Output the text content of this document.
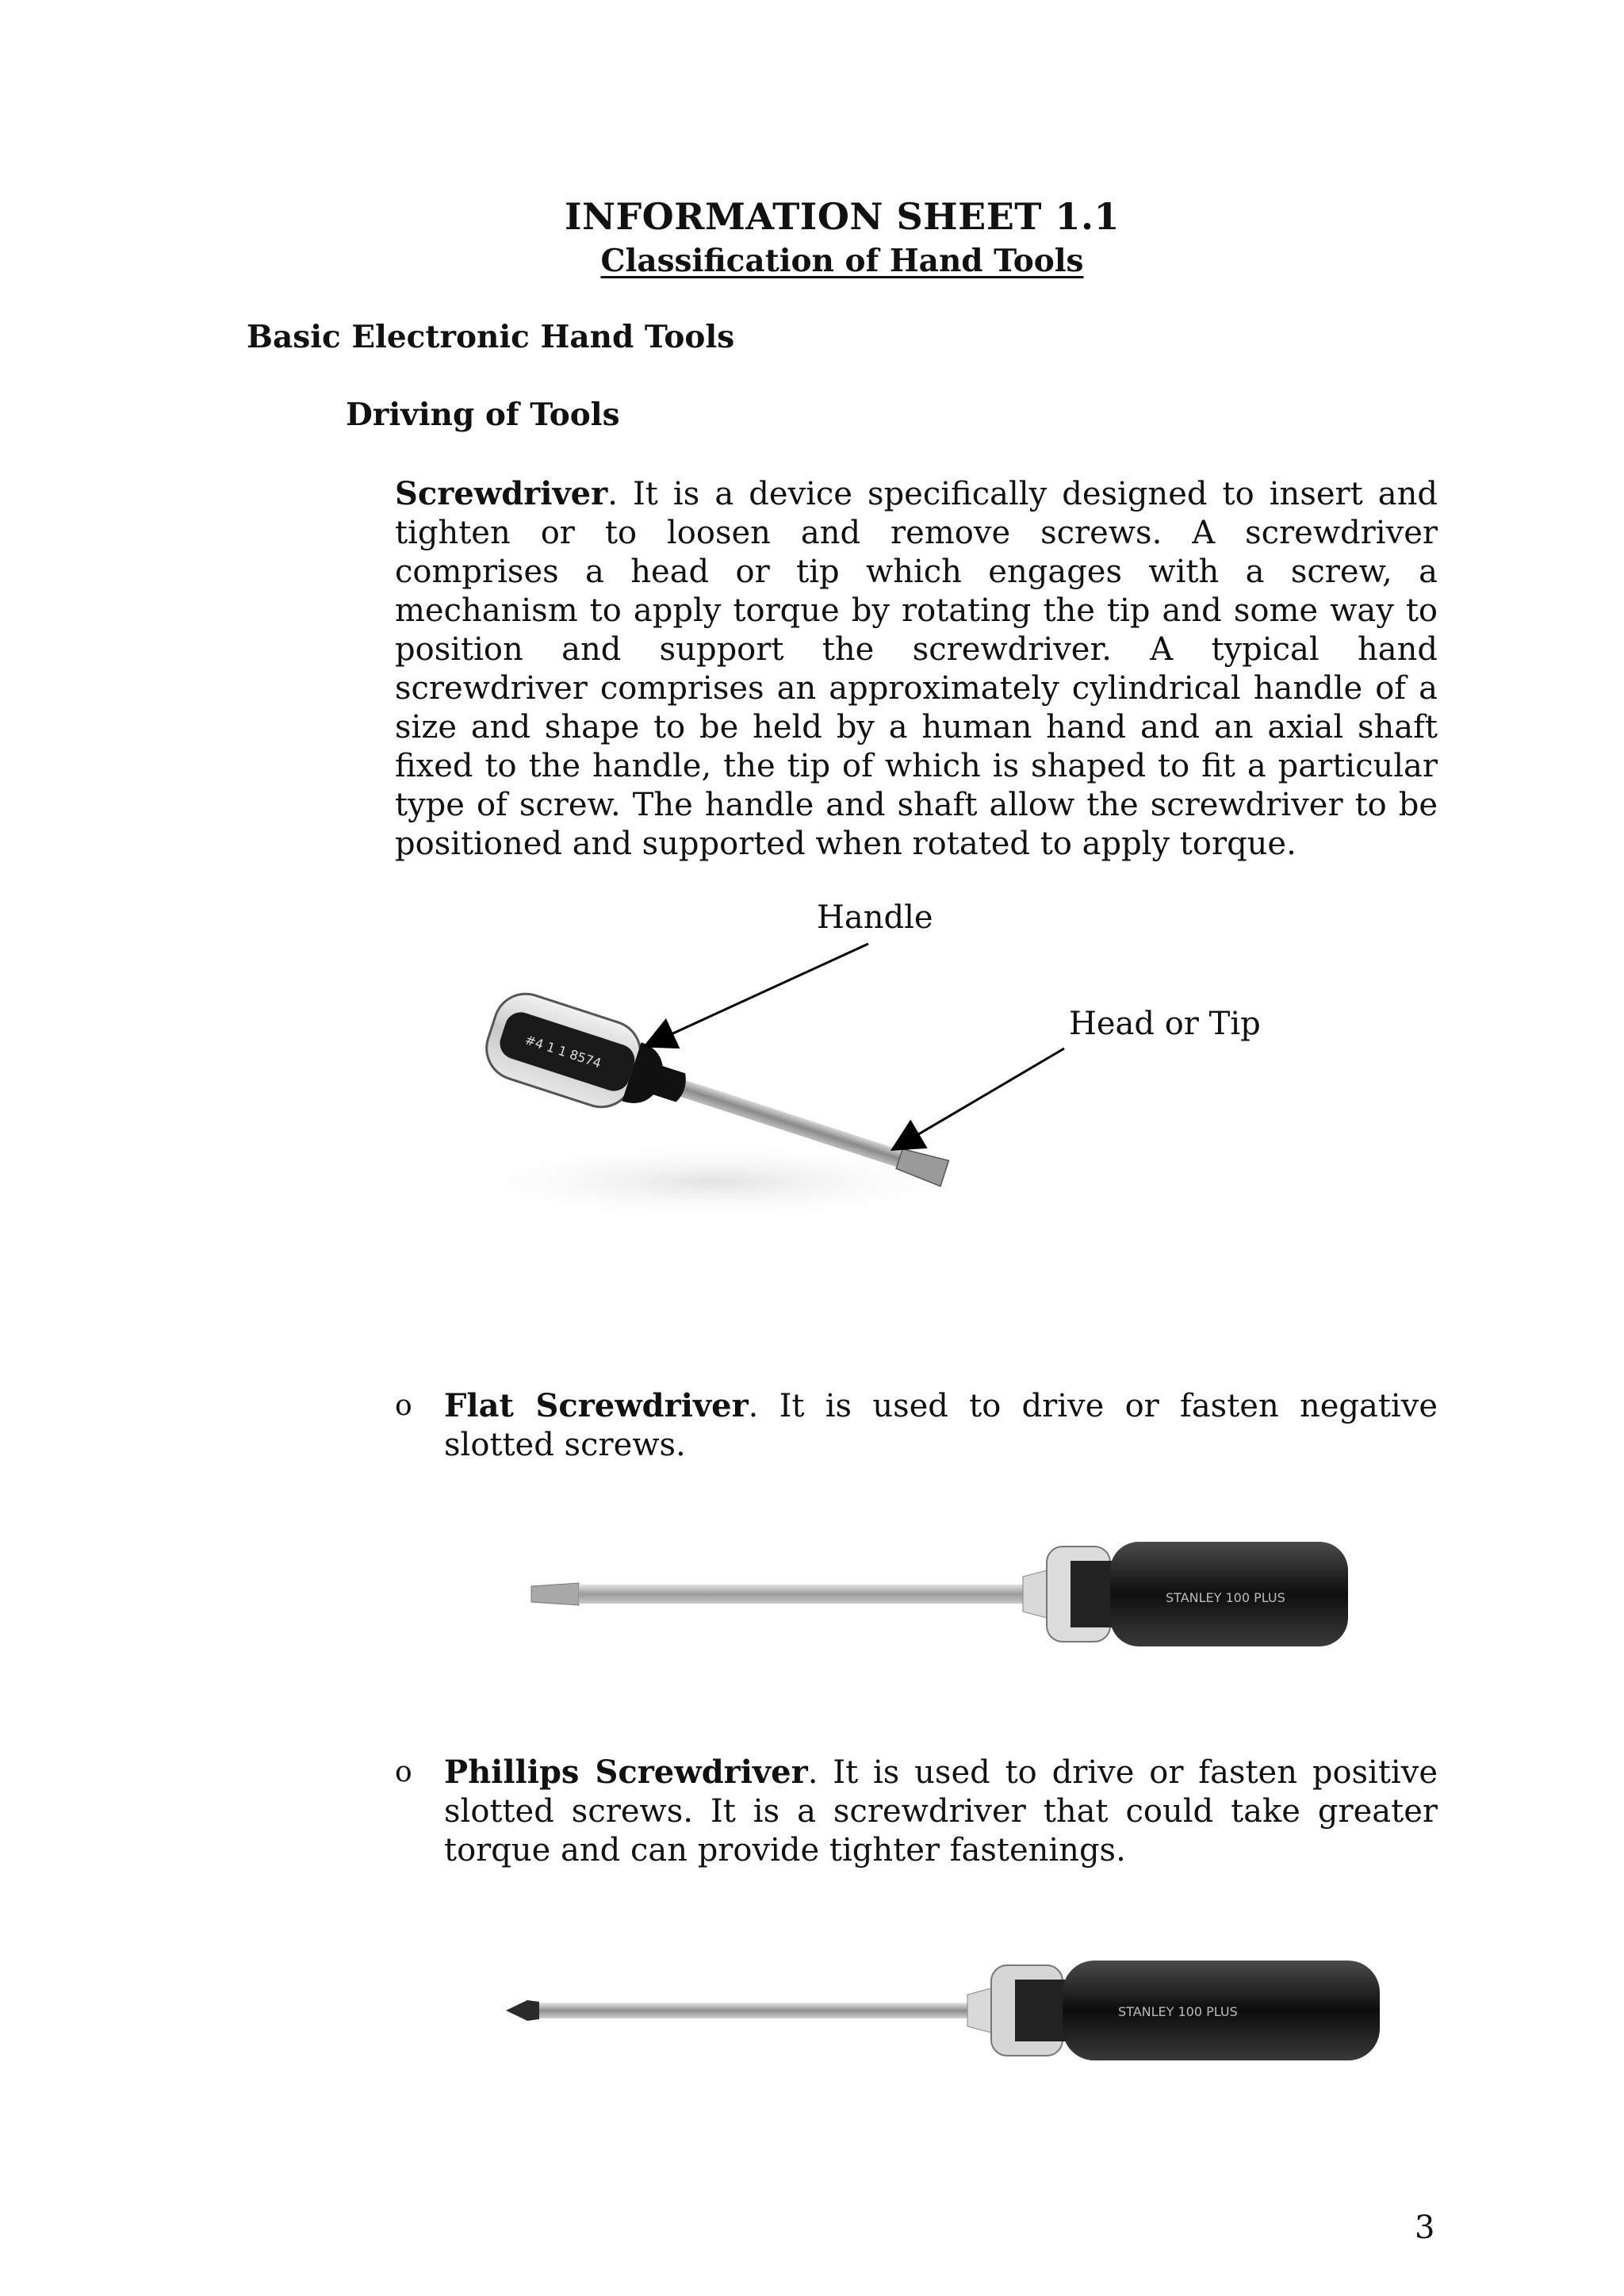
INFORMATION SHEET 1.1
Classification of Hand Tools
Basic Electronic Hand Tools
Driving of Tools
Screwdriver. It is a device specifically designed to insert and tighten or to loosen and remove screws. A screwdriver comprises a head or tip which engages with a screw, a mechanism to apply torque by rotating the tip and some way to position and support the screwdriver. A typical hand screwdriver comprises an approximately cylindrical handle of a size and shape to be held by a human hand and an axial shaft fixed to the handle, the tip of which is shaped to fit a particular type of screw. The handle and shaft allow the screwdriver to be positioned and supported when rotated to apply torque.
#4 1 1 8574
Handle
Head or Tip
o Flat Screwdriver. It is used to drive or fasten negative slotted screws.
STANLEY 100 PLUS
o Phillips Screwdriver. It is used to drive or fasten positive slotted screws. It is a screwdriver that could take greater torque and can provide tighter fastenings.
STANLEY 100 PLUS
3
